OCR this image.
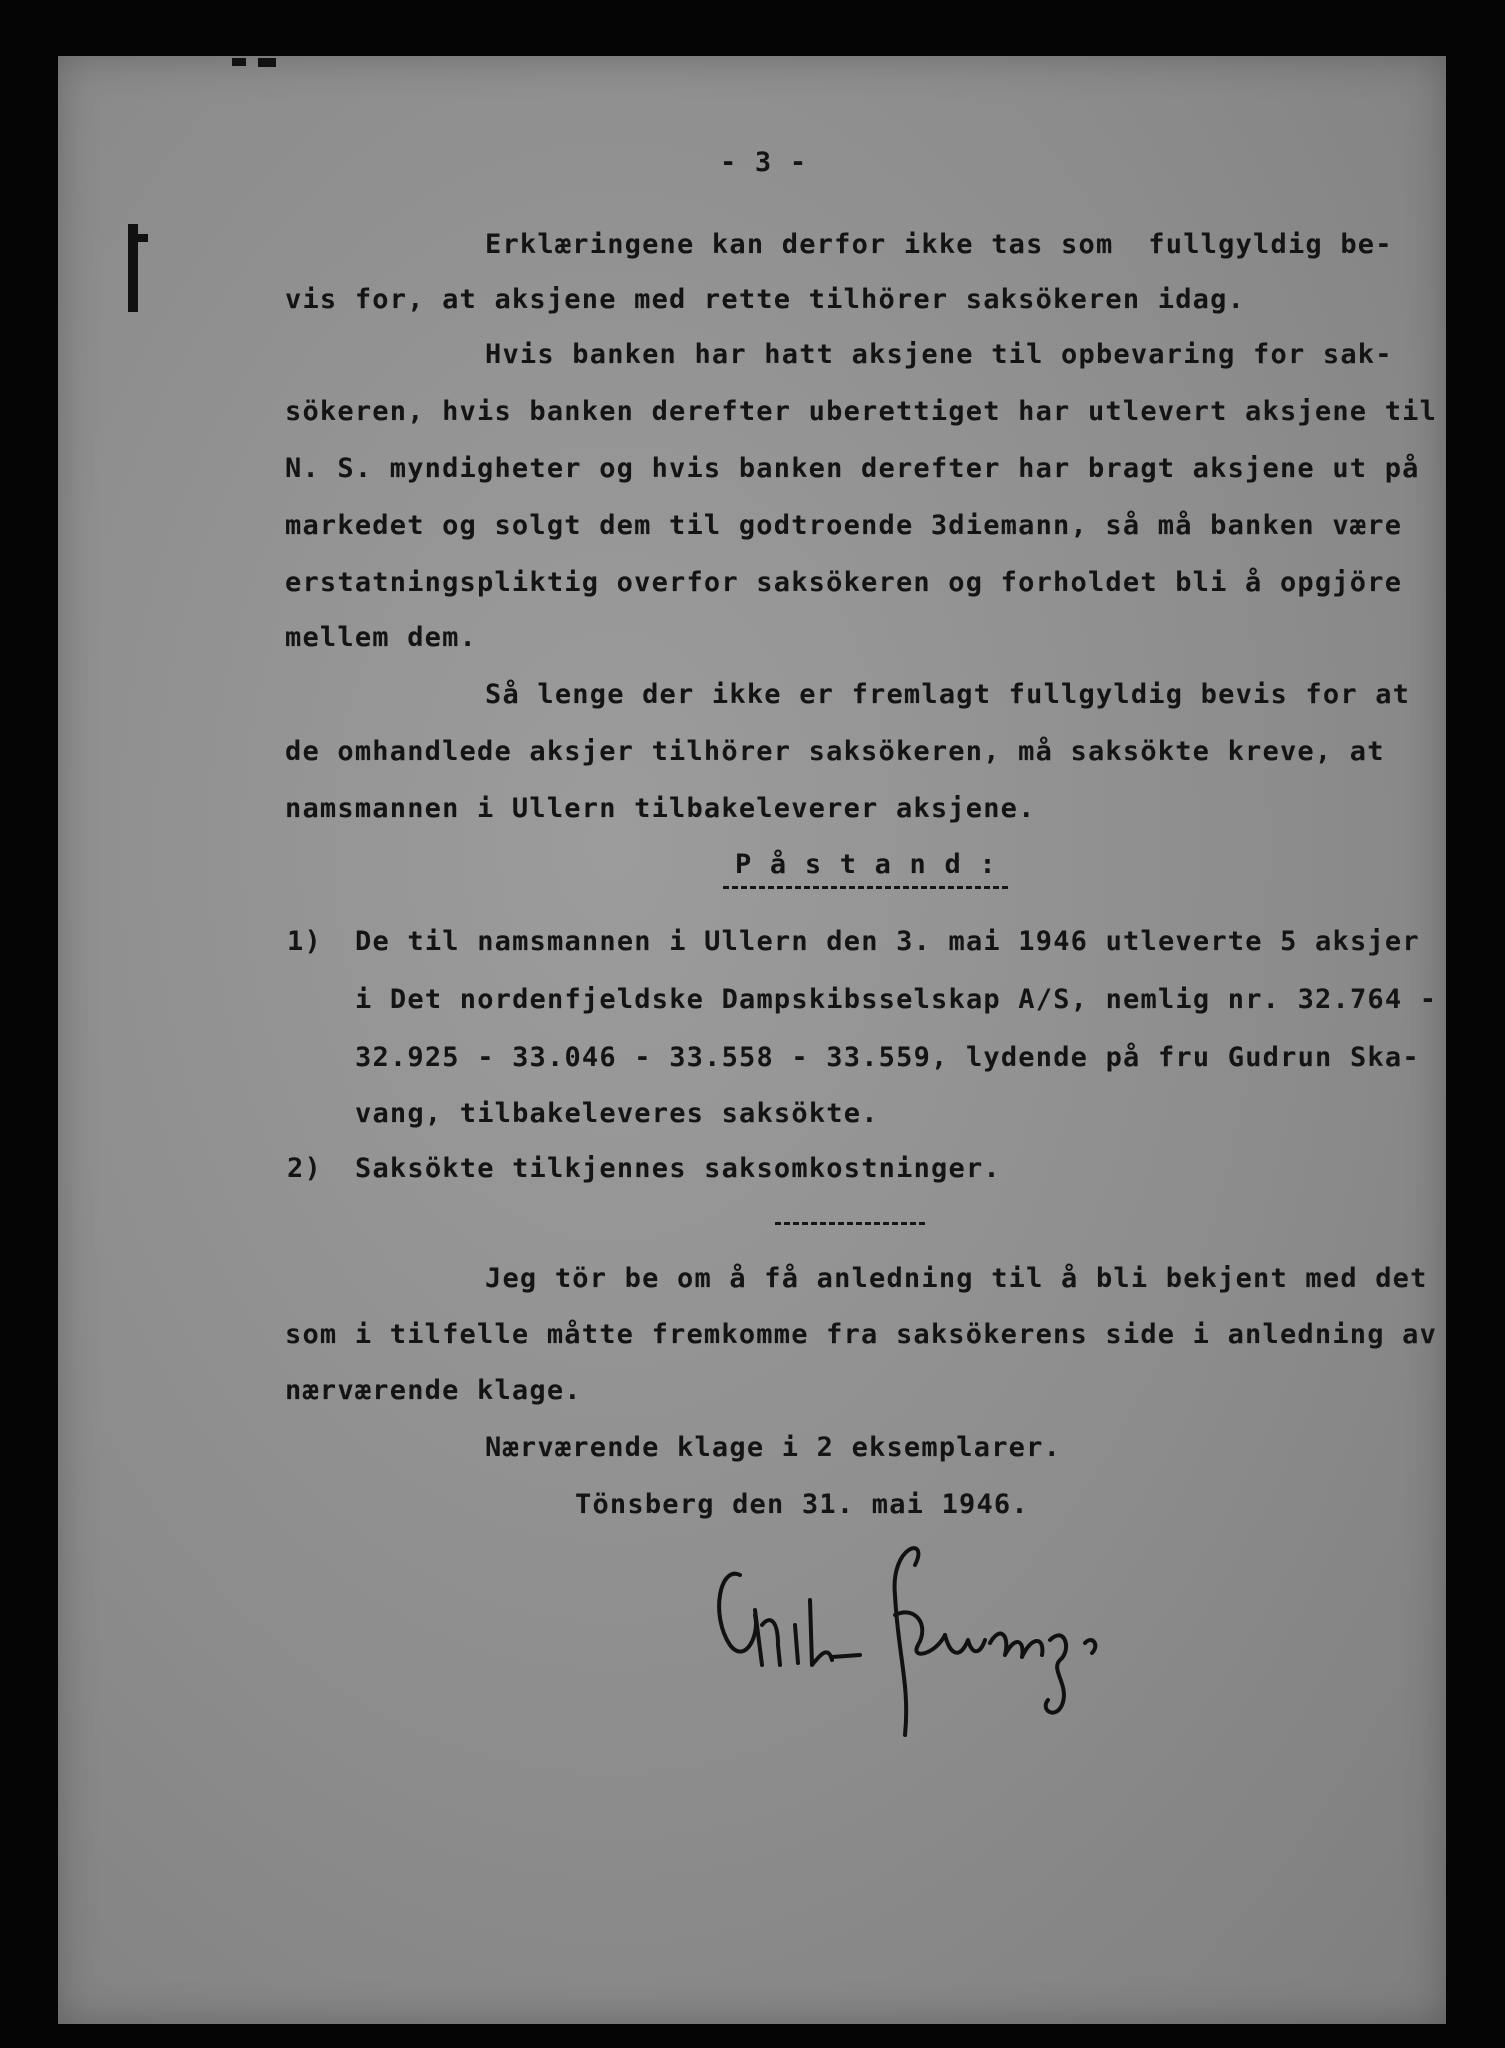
- 3 -
Erklæringene kan derfor ikke tas som  fullgyldig be-
vis for, at aksjene med rette tilhörer saksökeren idag.
Hvis banken har hatt aksjene til opbevaring for sak-
sökeren, hvis banken derefter uberettiget har utlevert aksjene til
N. S. myndigheter og hvis banken derefter har bragt aksjene ut på
markedet og solgt dem til godtroende 3diemann, så må banken være
erstatningspliktig overfor saksökeren og forholdet bli å opgjöre
mellem dem.
Så lenge der ikke er fremlagt fullgyldig bevis for at
de omhandlede aksjer tilhörer saksökeren, må saksökte kreve, at
namsmannen i Ullern tilbakeleverer aksjene.
P å s t a n d :
1) De til namsmannen i Ullern den 3. mai 1946 utleverte 5 aksjer
i Det nordenfjeldske Dampskibsselskap A/S, nemlig nr. 32.764 -
32.925 - 33.046 - 33.558 - 33.559, lydende på fru Gudrun Ska-
vang, tilbakeleveres saksökte.
2) Saksökte tilkjennes saksomkostninger.
Jeg tör be om å få anledning til å bli bekjent med det
som i tilfelle måtte fremkomme fra saksökerens side i anledning av
nærværende klage.
Nærværende klage i 2 eksemplarer.
Tönsberg den 31. mai 1946.
